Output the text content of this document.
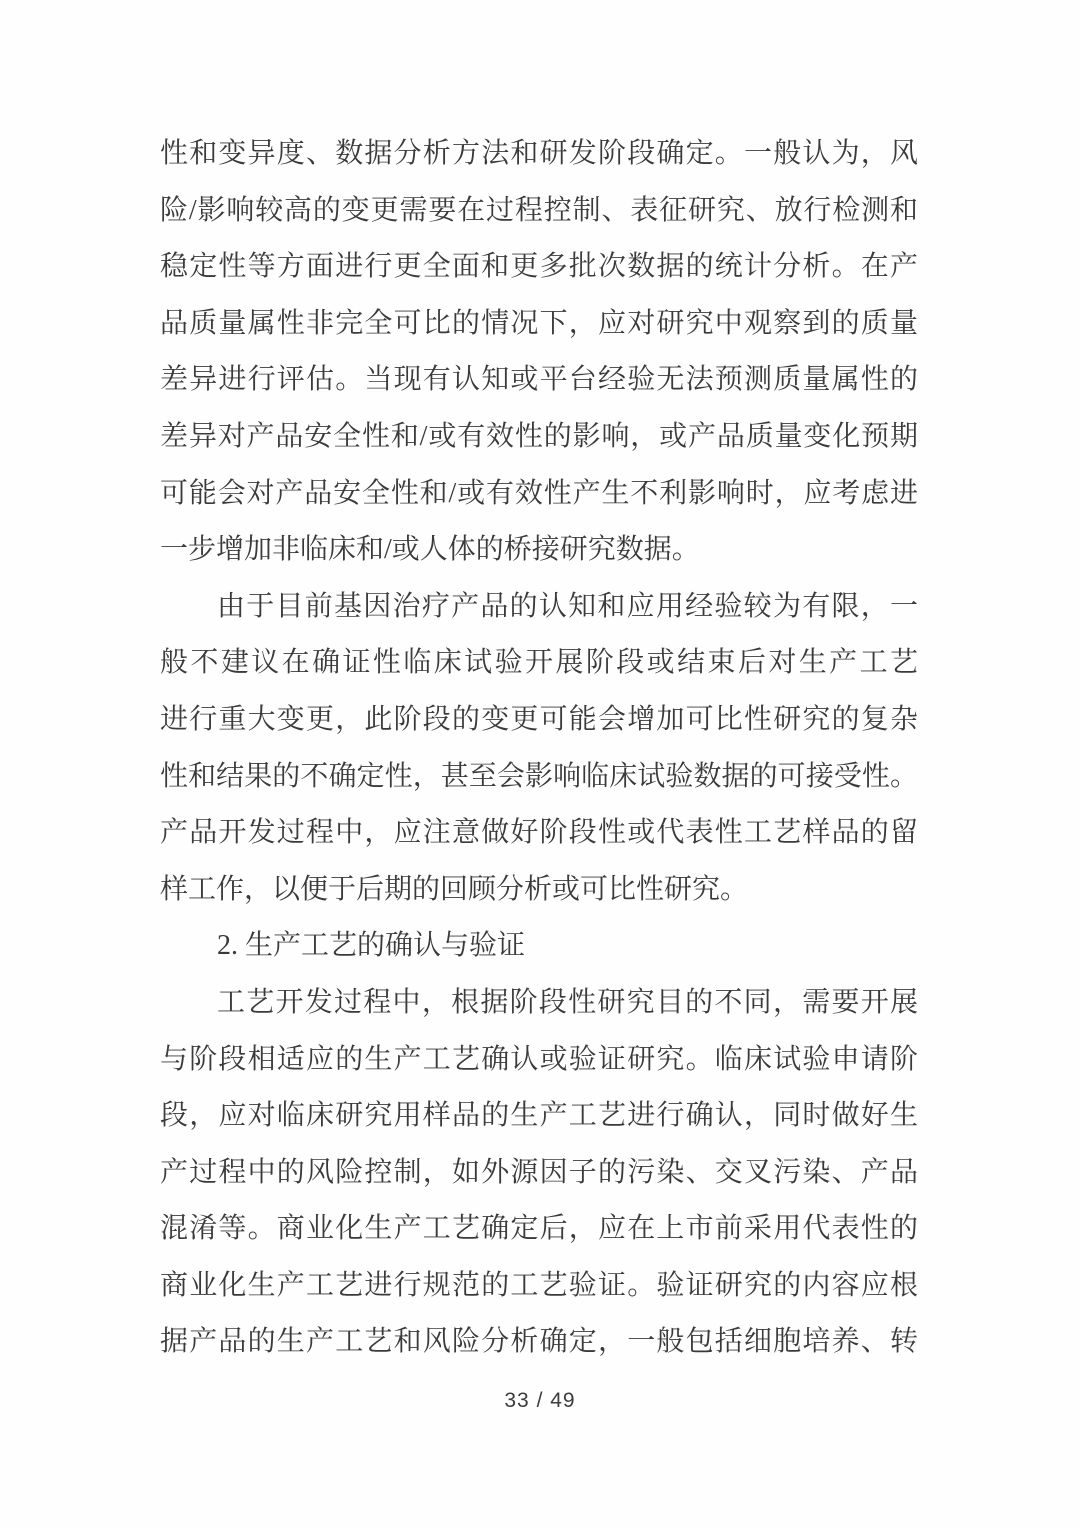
性和变异度、数据分析方法和研发阶段确定。一般认为，风
险/影响较高的变更需要在过程控制、表征研究、放行检测和
稳定性等方面进行更全面和更多批次数据的统计分析。在产
品质量属性非完全可比的情况下，应对研究中观察到的质量
差异进行评估。当现有认知或平台经验无法预测质量属性的
差异对产品安全性和/或有效性的影响，或产品质量变化预期
可能会对产品安全性和/或有效性产生不利影响时，应考虑进
一步增加非临床和/或人体的桥接研究数据。
由于目前基因治疗产品的认知和应用经验较为有限，一
般不建议在确证性临床试验开展阶段或结束后对生产工艺
进行重大变更，此阶段的变更可能会增加可比性研究的复杂
性和结果的不确定性，甚至会影响临床试验数据的可接受性。
产品开发过程中，应注意做好阶段性或代表性工艺样品的留
样工作，以便于后期的回顾分析或可比性研究。
2. 生产工艺的确认与验证
工艺开发过程中，根据阶段性研究目的不同，需要开展
与阶段相适应的生产工艺确认或验证研究。临床试验申请阶
段，应对临床研究用样品的生产工艺进行确认，同时做好生
产过程中的风险控制，如外源因子的污染、交叉污染、产品
混淆等。商业化生产工艺确定后，应在上市前采用代表性的
商业化生产工艺进行规范的工艺验证。验证研究的内容应根
据产品的生产工艺和风险分析确定，一般包括细胞培养、转
33 / 49
